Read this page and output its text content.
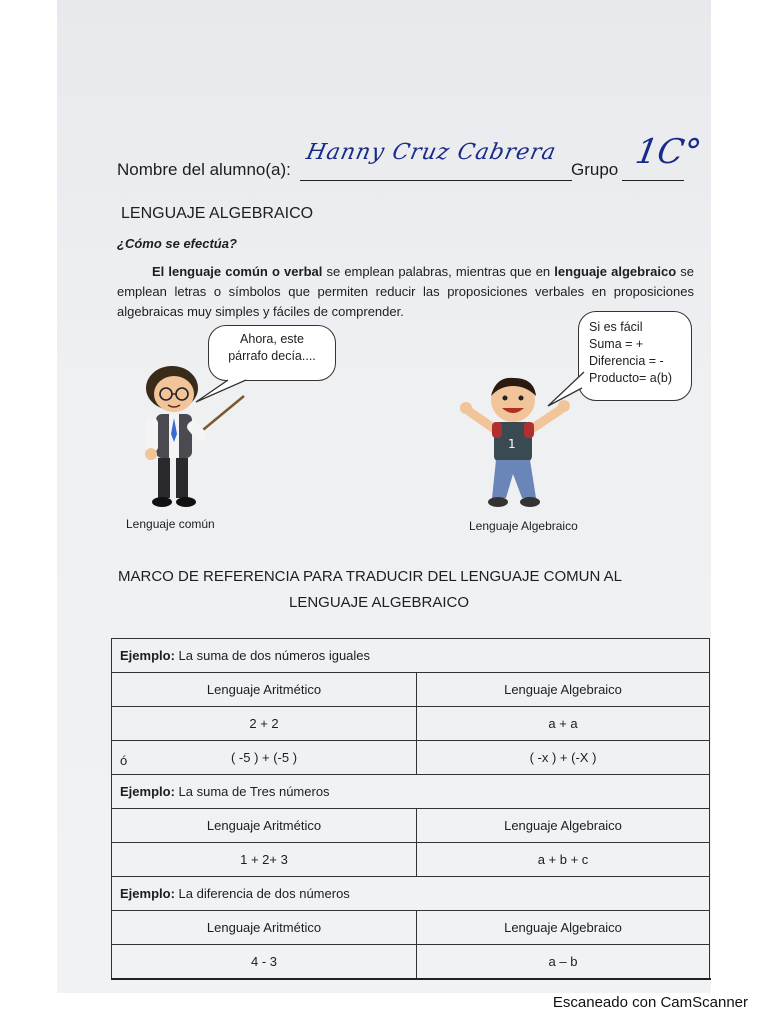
Nombre del alumno(a):
Hanny Cruz Cabrera
Grupo 1C°
LENGUAJE ALGEBRAICO
¿Cómo se efectúa?
El lenguaje común o verbal se emplean palabras, mientras que en lenguaje algebraico se emplean letras o símbolos que permiten reducir las proposiciones verbales en proposiciones algebraicas muy simples y fáciles de comprender.
Ahora, este
párrafo decía....
Si es fácil
Suma = +
Diferencia = -
Producto= a(b)
1
Lenguaje común	Lenguaje Algebraico
MARCO DE REFERENCIA PARA TRADUCIR DEL LENGUAJE COMUN AL
LENGUAJE ALGEBRAICO
Ejemplo: La suma de dos números iguales	
Lenguaje Aritmético	Lenguaje Algebraico
2 + 2	a + a

ó ( -5 ) + (-5 )	( -x ) + (-X )
Ejemplo: La suma de Tres números	
Lenguaje Aritmético	Lenguaje Algebraico
1 + 2+ 3	a + b + c
Ejemplo: La diferencia de dos números	
Lenguaje Aritmético	Lenguaje Algebraico
4 - 3	a – b
Escaneado con CamScanner
